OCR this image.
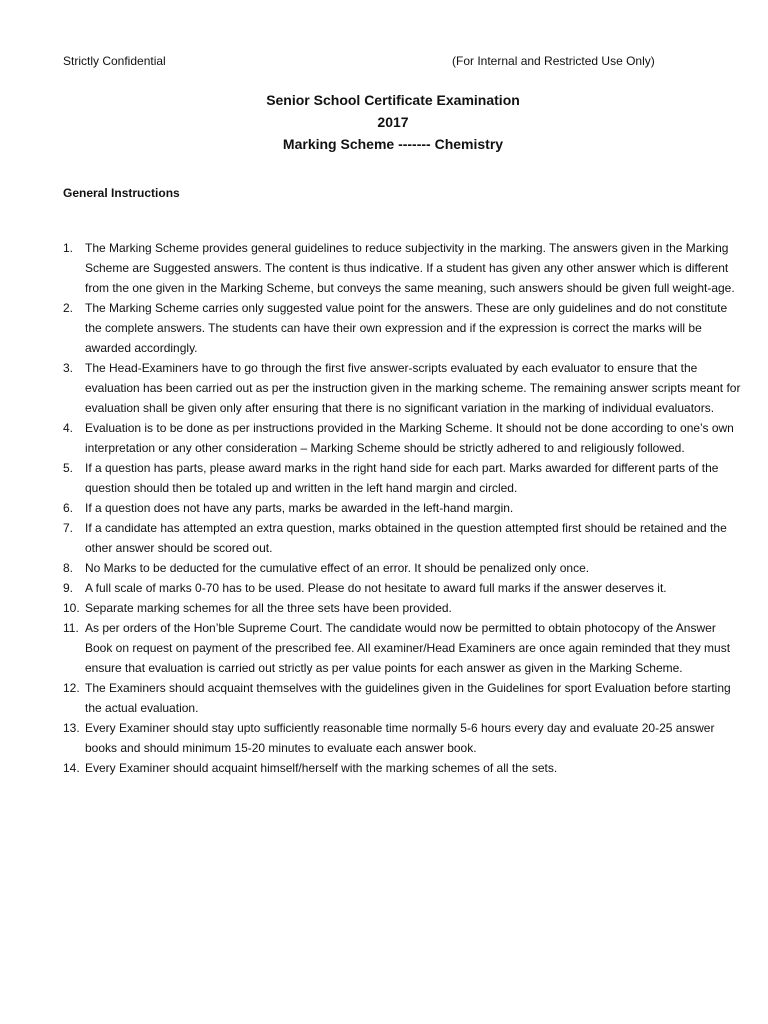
Strictly Confidential	(For Internal and Restricted Use Only)
Senior School Certificate Examination
2017
Marking Scheme ------- Chemistry
General Instructions
1. The Marking Scheme provides general guidelines to reduce subjectivity in the marking. The answers given in the Marking Scheme are Suggested answers. The content is thus indicative. If a student has given any other answer which is different from the one given in the Marking Scheme, but conveys the same meaning, such answers should be given full weight-age.
2. The Marking Scheme carries only suggested value point for the answers. These are only guidelines and do not constitute the complete answers. The students can have their own expression and if the expression is correct the marks will be awarded accordingly.
3. The Head-Examiners have to go through the first five answer-scripts evaluated by each evaluator to ensure that the evaluation has been carried out as per the instruction given in the marking scheme. The remaining answer scripts meant for evaluation shall be given only after ensuring that there is no significant variation in the marking of individual evaluators.
4. Evaluation is to be done as per instructions provided in the Marking Scheme. It should not be done according to one’s own interpretation or any other consideration – Marking Scheme should be strictly adhered to and religiously followed.
5. If a question has parts, please award marks in the right hand side for each part. Marks awarded for different parts of the question should then be totaled up and written in the left hand margin and circled.
6. If a question does not have any parts, marks be awarded in the left-hand margin.
7. If a candidate has attempted an extra question, marks obtained in the question attempted first should be retained and the other answer should be scored out.
8. No Marks to be deducted for the cumulative effect of an error. It should be penalized only once.
9. A full scale of marks 0-70 has to be used. Please do not hesitate to award full marks if the answer deserves it.
10. Separate marking schemes for all the three sets have been provided.
11. As per orders of the Hon’ble Supreme Court. The candidate would now be permitted to obtain photocopy of the Answer Book on request on payment of the prescribed fee. All examiner/Head Examiners are once again reminded that they must ensure that evaluation is carried out strictly as per value points for each answer as given in the Marking Scheme.
12. The Examiners should acquaint themselves with the guidelines given in the Guidelines for sport Evaluation before starting the actual evaluation.
13. Every Examiner should stay upto sufficiently reasonable time normally 5-6 hours every day and evaluate 20-25 answer books and should minimum 15-20 minutes to evaluate each answer book.
14. Every Examiner should acquaint himself/herself with the marking schemes of all the sets.
